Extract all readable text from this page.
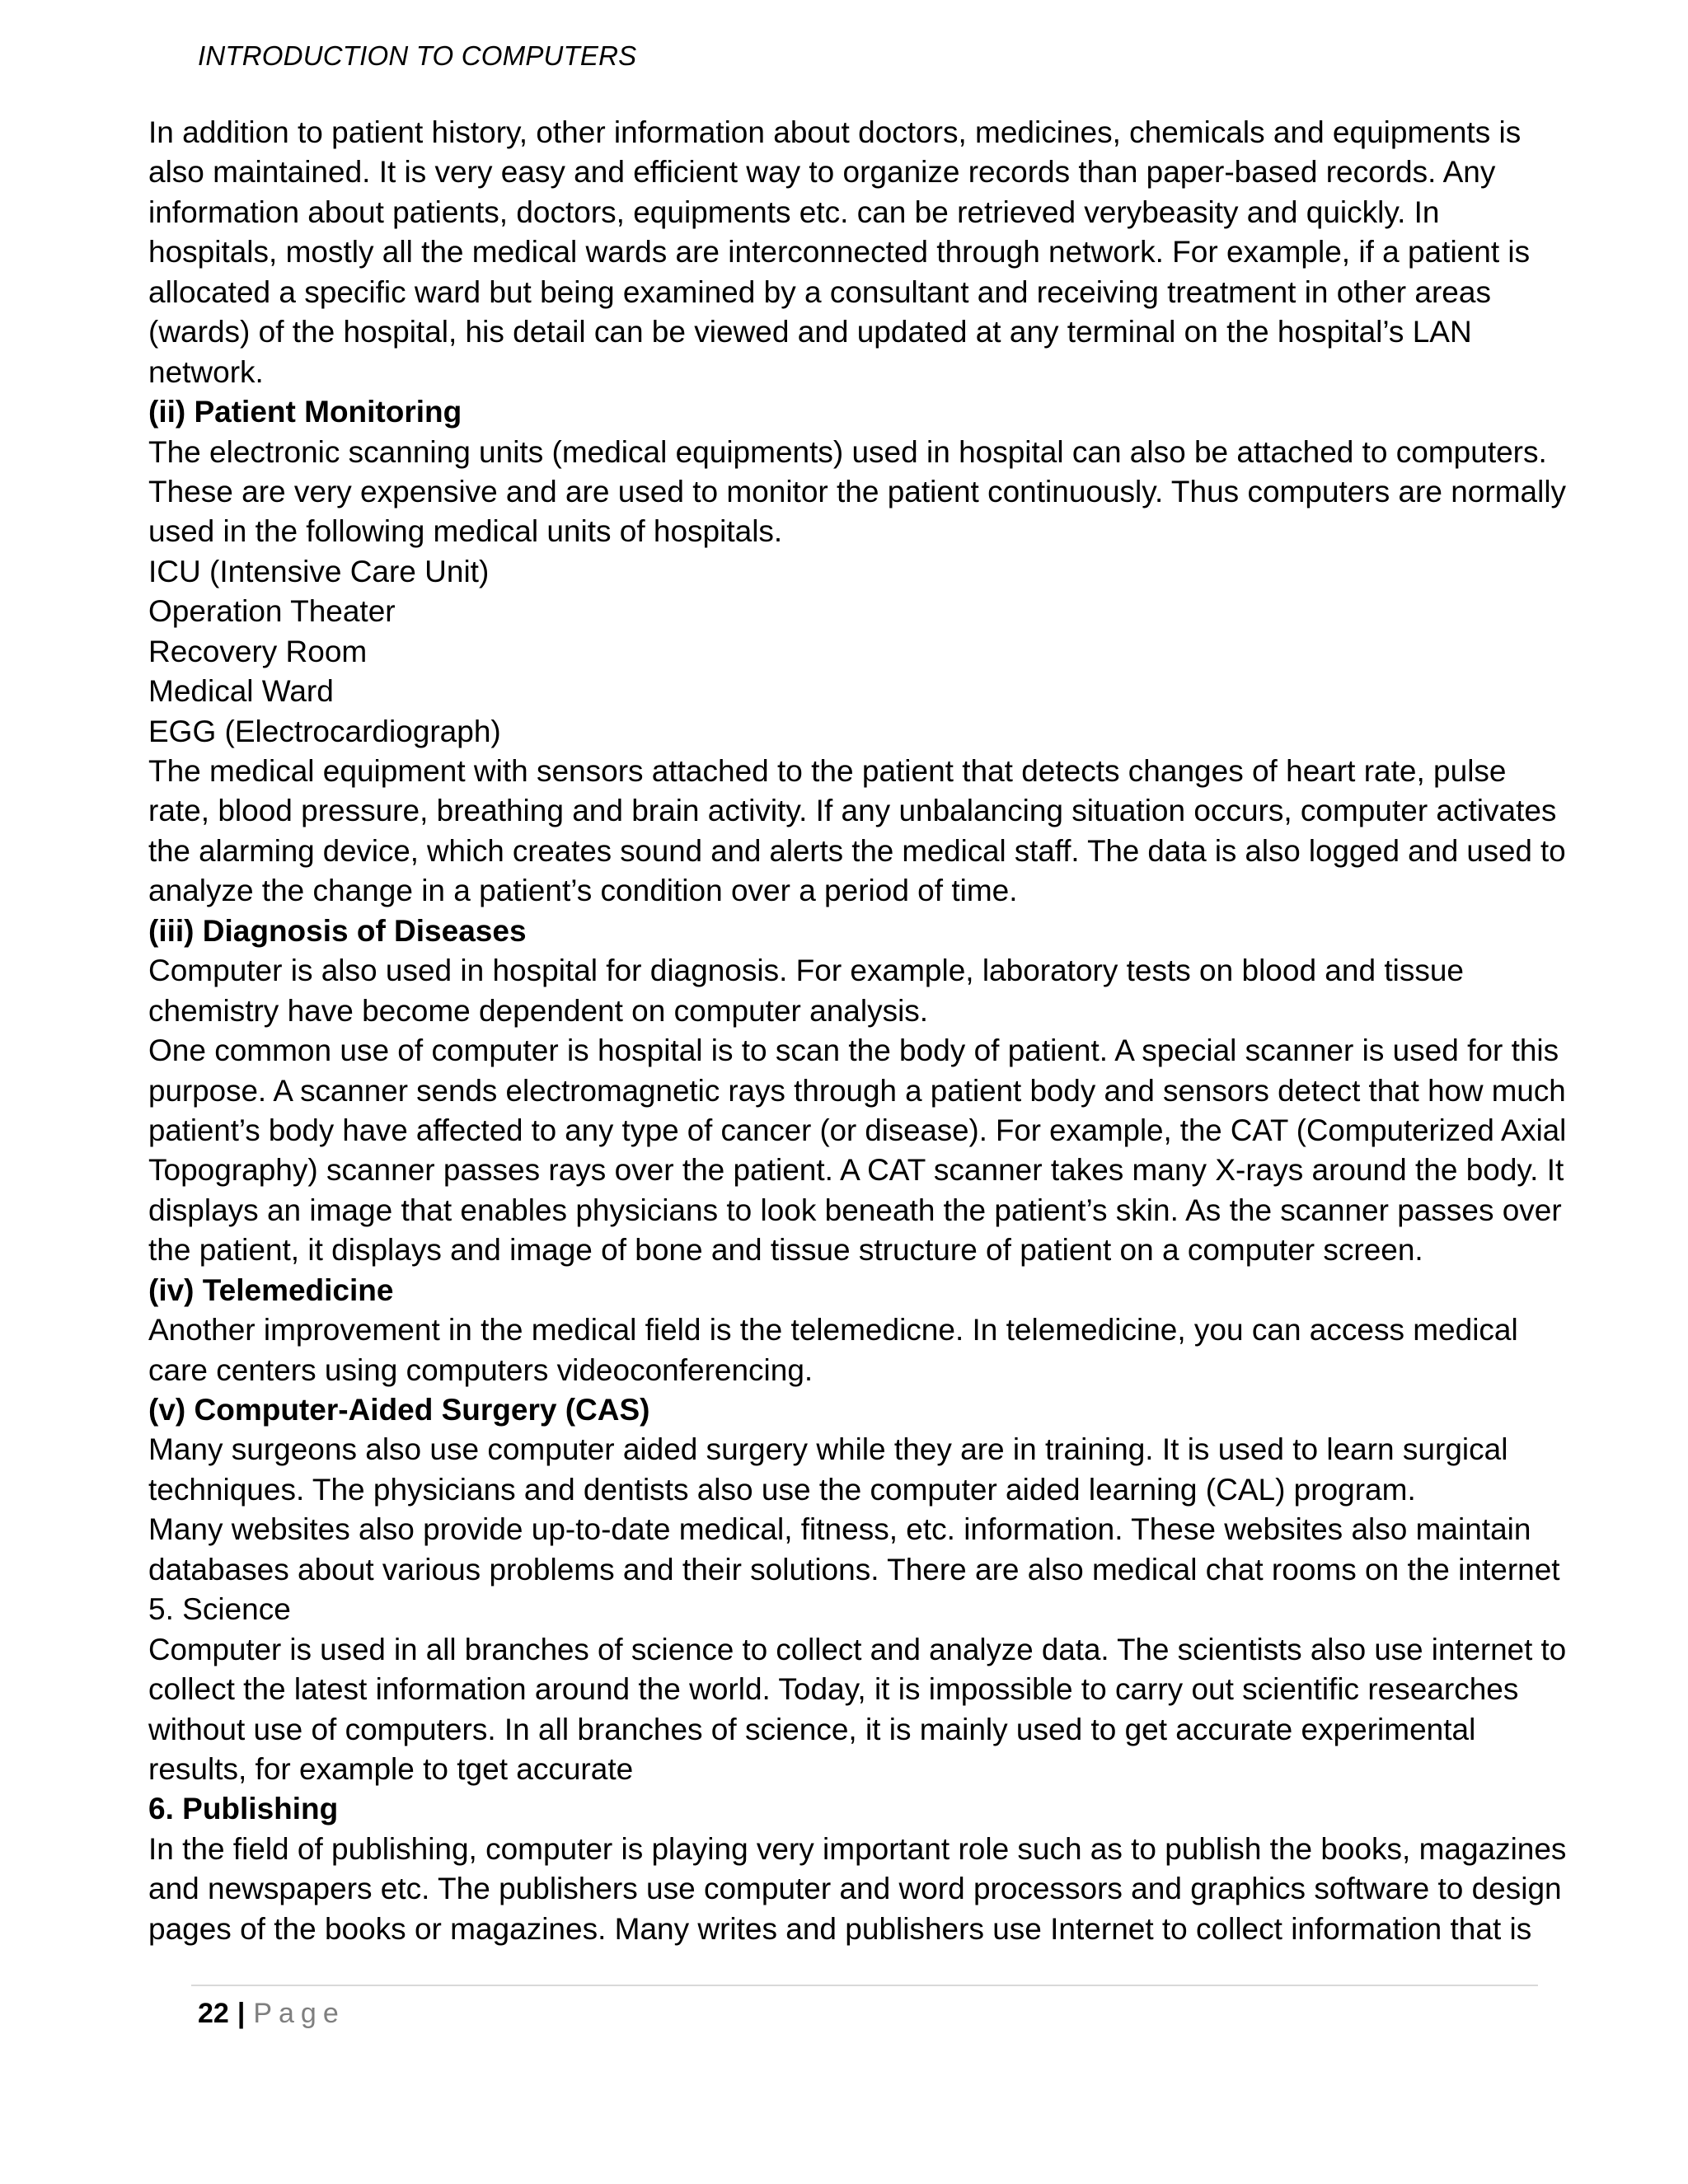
INTRODUCTION TO COMPUTERS
In addition to patient history, other information about doctors, medicines, chemicals and equipments is
also maintained. It is very easy and efficient way to organize records than paper-based records. Any
information about patients, doctors, equipments etc. can be retrieved verybeasity and quickly. In
hospitals, mostly all the medical wards are interconnected through network. For example, if a patient is
allocated a specific ward but being examined by a consultant and receiving treatment in other areas
(wards) of the hospital, his detail can be viewed and updated at any terminal on the hospital’s LAN
network.
(ii) Patient Monitoring
The electronic scanning units (medical equipments) used in hospital can also be attached to computers.
These are very expensive and are used to monitor the patient continuously. Thus computers are normally
used in the following medical units of hospitals.
ICU (Intensive Care Unit)
Operation Theater
Recovery Room
Medical Ward
EGG (Electrocardiograph)
The medical equipment with sensors attached to the patient that detects changes of heart rate, pulse
rate, blood pressure, breathing and brain activity. If any unbalancing situation occurs, computer activates
the alarming device, which creates sound and alerts the medical staff. The data is also logged and used to
analyze the change in a patient’s condition over a period of time.
(iii) Diagnosis of Diseases
Computer is also used in hospital for diagnosis. For example, laboratory tests on blood and tissue
chemistry have become dependent on computer analysis.
One common use of computer is hospital is to scan the body of patient. A special scanner is used for this
purpose. A scanner sends electromagnetic rays through a patient body and sensors detect that how much
patient’s body have affected to any type of cancer (or disease). For example, the CAT (Computerized Axial
Topography) scanner passes rays over the patient. A CAT scanner takes many X-rays around the body. It
displays an image that enables physicians to look beneath the patient’s skin. As the scanner passes over
the patient, it displays and image of bone and tissue structure of patient on a computer screen.
(iv) Telemedicine
Another improvement in the medical field is the telemedicne. In telemedicine, you can access medical
care centers using computers videoconferencing.
(v) Computer-Aided Surgery (CAS)
Many surgeons also use computer aided surgery while they are in training. It is used to learn surgical
techniques. The physicians and dentists also use the computer aided learning (CAL) program.
Many websites also provide up-to-date medical, fitness, etc. information. These websites also maintain
databases about various problems and their solutions. There are also medical chat rooms on the internet
5. Science
Computer is used in all branches of science to collect and analyze data. The scientists also use internet to
collect the latest information around the world. Today, it is impossible to carry out scientific researches
without use of computers. In all branches of science, it is mainly used to get accurate experimental
results, for example to tget accurate
6. Publishing
In the field of publishing, computer is playing very important role such as to publish the books, magazines
and newspapers etc. The publishers use computer and word processors and graphics software to design
pages of the books or magazines. Many writes and publishers use Internet to collect information that is
22 | Page
